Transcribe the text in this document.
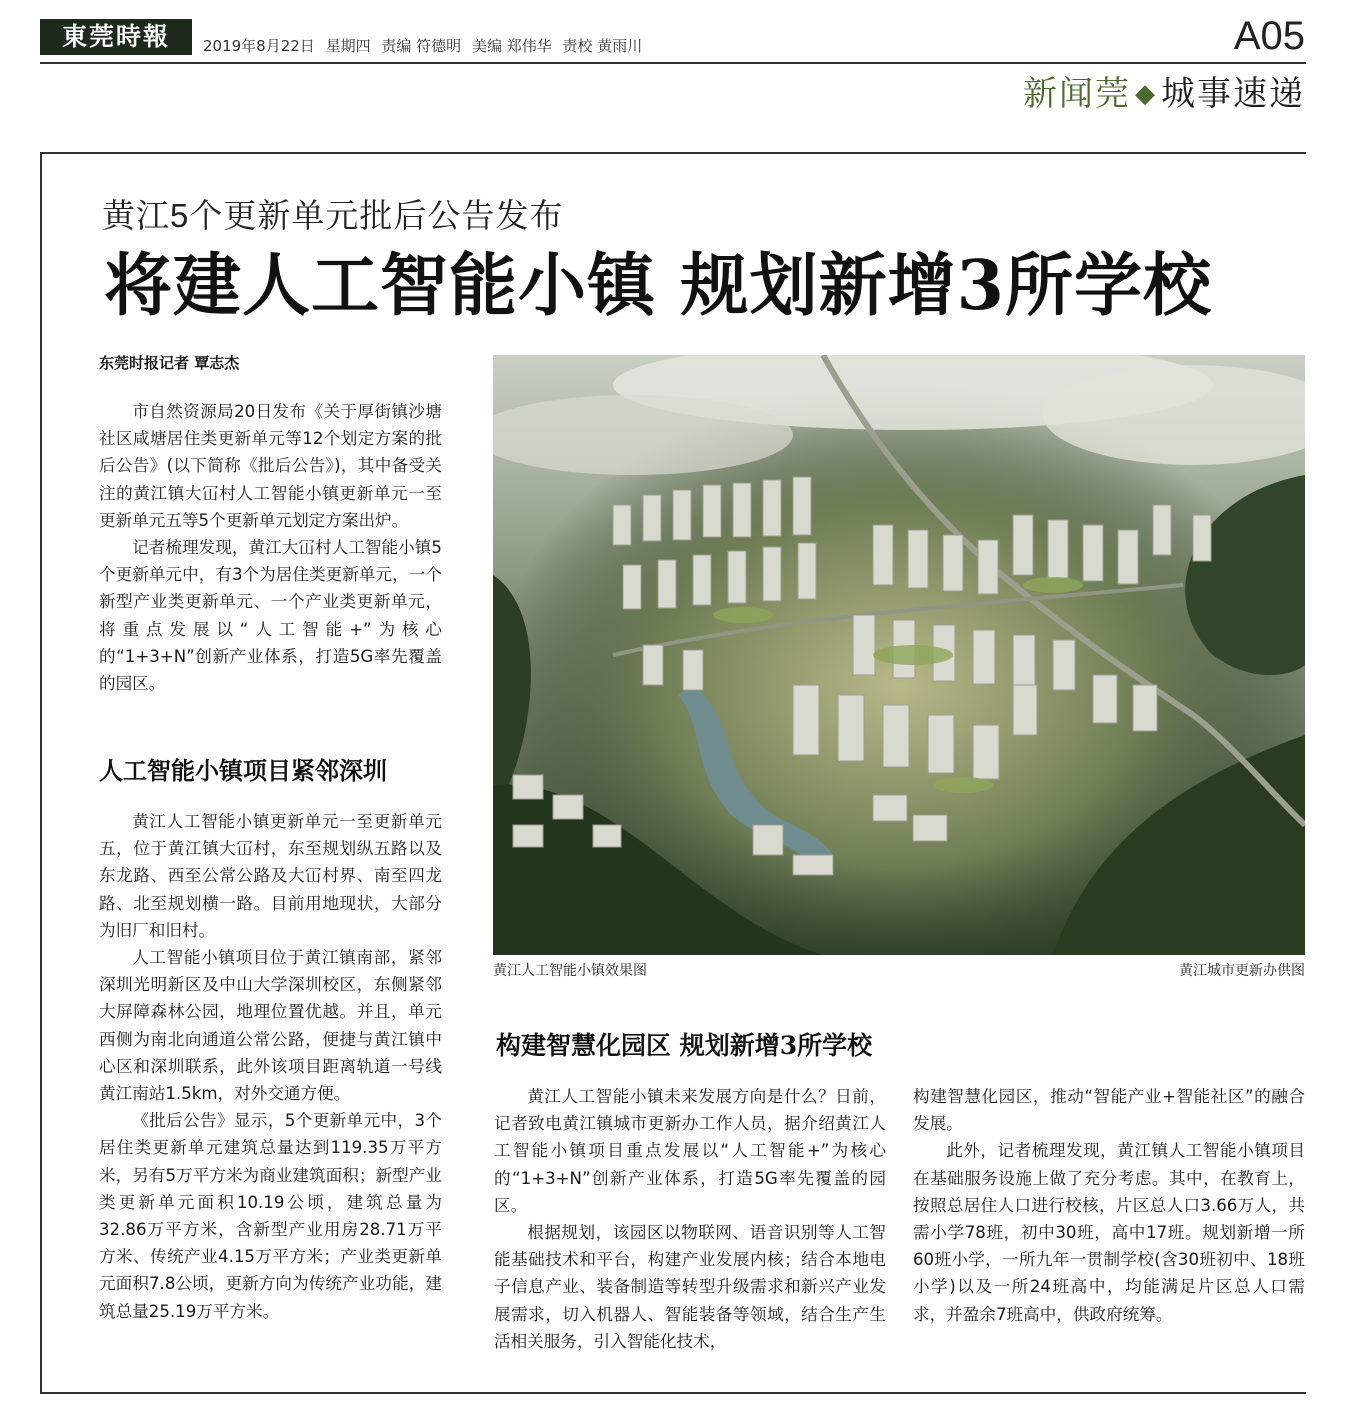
東莞時報	2019年8月22日 星期四 责编 符德明 美编 郑伟华 责校 黄雨川	A05
新闻莞 ◆ 城事速递
黄江5个更新单元批后公告发布
将建人工智能小镇 规划新增3所学校
东莞时报记者 覃志杰

市自然资源局20日发布《关于厚街镇沙塘社区咸塘居住类更新单元等12个划定方案的批后公告》(以下简称《批后公告》)，其中备受关注的黄江镇大冚村人工智能小镇更新单元一至更新单元五等5个更新单元划定方案出炉。

记者梳理发现，黄江大冚村人工智能小镇5个更新单元中，有3个为居住类更新单元，一个新型产业类更新单元、一个产业类更新单元，将重点发展以“人工智能+”为核心的“1+3+N”创新产业体系，打造5G率先覆盖的园区。

人工智能小镇项目紧邻深圳

黄江人工智能小镇更新单元一至更新单元五，位于黄江镇大冚村，东至规划纵五路以及东龙路、西至公常公路及大冚村界、南至四龙路、北至规划横一路。目前用地现状，大部分为旧厂和旧村。

人工智能小镇项目位于黄江镇南部，紧邻深圳光明新区及中山大学深圳校区，东侧紧邻大屏障森林公园，地理位置优越。并且，单元西侧为南北向通道公常公路，便捷与黄江镇中心区和深圳联系，此外该项目距离轨道一号线黄江南站1.5km，对外交通方便。

《批后公告》显示，5个更新单元中，3个居住类更新单元建筑总量达到119.35万平方米，另有5万平方米为商业建筑面积；新型产业类更新单元面积10.19公顷，建筑总量为32.86万平方米，含新型产业用房28.71万平方米、传统产业4.15万平方米；产业类更新单元面积7.8公顷，更新方向为传统产业功能，建筑总量25.19万平方米。

黄江人工智能小镇效果图	黄江城市更新办供图
构建智慧化园区 规划新增3所学校

黄江人工智能小镇未来发展方向是什么？日前，记者致电黄江镇城市更新办工作人员，据介绍黄江人工智能小镇项目重点发展以“人工智能+”为核心的“1+3+N”创新产业体系，打造5G率先覆盖的园区。

根据规划，该园区以物联网、语音识别等人工智能基础技术和平台，构建产业发展内核；结合本地电子信息产业、装备制造等转型升级需求和新兴产业发展需求，切入机器人、智能装备等领域，结合生产生活相关服务，引入智能化技术，

构建智慧化园区，推动“智能产业+智能社区”的融合发展。

此外，记者梳理发现，黄江镇人工智能小镇项目在基础服务设施上做了充分考虑。其中，在教育上，按照总居住人口进行校核，片区总人口3.66万人，共需小学78班，初中30班，高中17班。规划新增一所60班小学，一所九年一贯制学校(含30班初中、18班小学)以及一所24班高中，均能满足片区总人口需求，并盈余7班高中，供政府统筹。
